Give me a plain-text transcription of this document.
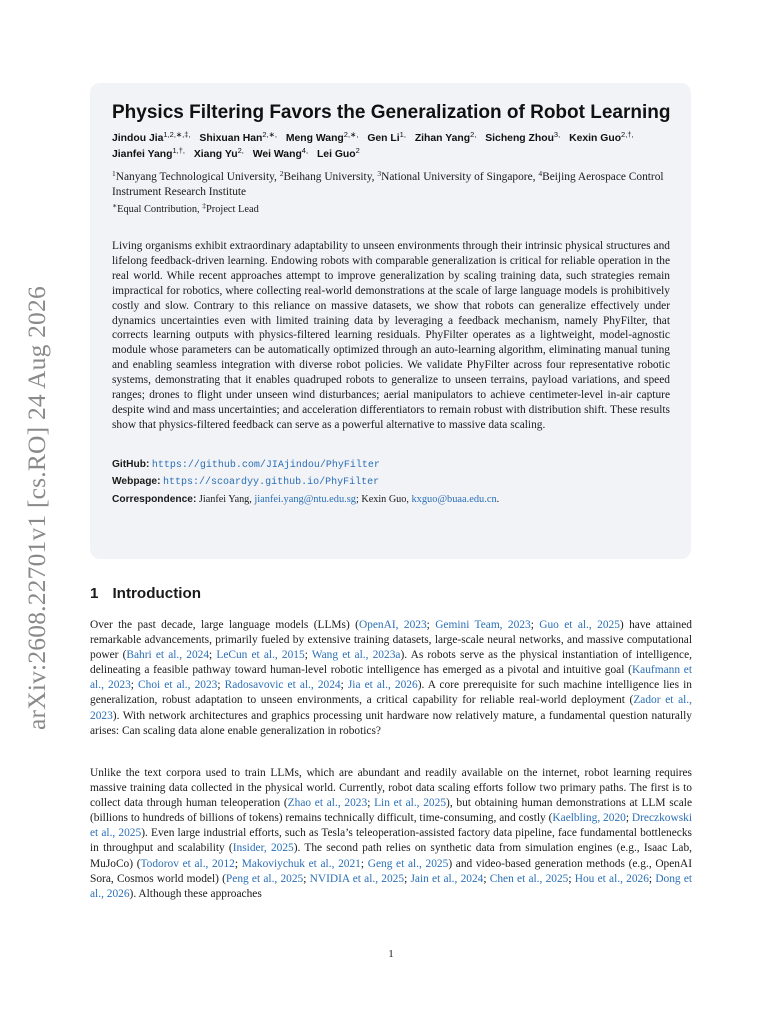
arXiv:2608.22701v1 [cs.RO] 24 Aug 2026
Physics Filtering Favors the Generalization of Robot Learning
Jindou Jia$^{1,2,∗,\ddagger,}$ Shixuan Han$^{2,∗,}$ Meng Wang$^{2,∗,}$ Gen $Li^{1,}$ Zihan Yang$^{2,}$ Sicheng Zhou$^{3,}$ Kexin Guo$^{2,\dagger,}$ Jianfei Yang$^{1,\dagger,}$ Xiang $Yu^{2,}$ Wei Wang$^{4,}$ Lei Guo$^2$
$^1$Nanyang Technological University, $^2$Beihang University, $^3$National University of Singapore, $^4$Beijing Aerospace Control Instrument Research Institute
∗Equal Contribution, ‡Project Lead
Living organisms exhibit extraordinary adaptability to unseen environments through their intrinsic physical structures and lifelong feedback-driven learning. Endowing robots with comparable generalization is critical for reliable operation in the real world. While recent approaches attempt to improve generalization by scaling training data, such strategies remain impractical for robotics, where collecting real-world demonstrations at the scale of large language models is prohibitively costly and slow. Contrary to this reliance on massive datasets, we show that robots can generalize effectively under dynamics uncertainties even with limited training data by leveraging a feedback mechanism, namely PhyFilter, that corrects learning outputs with physics-filtered learning residuals. PhyFilter operates as a lightweight, model-agnostic module whose parameters can be automatically optimized through an auto-learning algorithm, eliminating manual tuning and enabling seamless integration with diverse robot policies. We validate PhyFilter across four representative robotic systems, demonstrating that it enables quadruped robots to generalize to unseen terrains, payload variations, and speed ranges; drones to flight under unseen wind disturbances; aerial manipulators to achieve centimeter-level in-air capture despite wind and mass uncertainties; and acceleration differentiators to remain robust with distribution shift. These results show that physics-filtered feedback can serve as a powerful alternative to massive data scaling.
GitHub: https://github.com/JIAjindou/PhyFilter
Webpage: https://scoardyy.github.io/PhyFilter
Correspondence: Jianfei Yang, jianfei.yang@ntu.edu.sg; Kexin Guo, kxguo@buaa.edu.cn.
1 Introduction

Over the past decade, large language models (LLMs) (OpenAI, 2023; Gemini Team, 2023; Guo et al., 2025) have attained remarkable advancements, primarily fueled by extensive training datasets, large-scale neural networks, and massive computational power (Bahri et al., 2024; LeCun et al., 2015; Wang et al., 2023a). As robots serve as the physical instantiation of intelligence, delineating a feasible pathway toward human-level robotic intelligence has emerged as a pivotal and intuitive goal (Kaufmann et al., 2023; Choi et al., 2023; Radosavovic et al., 2024; Jia et al., 2026). A core prerequisite for such machine intelligence lies in generalization, robust adaptation to unseen environments, a critical capability for reliable real-world deployment (Zador et al., 2023). With network architectures and graphics processing unit hardware now relatively mature, a fundamental question naturally arises: Can scaling data alone enable generalization in robotics?

Unlike the text corpora used to train LLMs, which are abundant and readily available on the internet, robot learning requires massive training data collected in the physical world. Currently, robot data scaling efforts follow two primary paths. The first is to collect data through human teleoperation (Zhao et al., 2023; Lin et al., 2025), but obtaining human demonstrations at LLM scale (billions to hundreds of billions of tokens) remains technically difficult, time-consuming, and costly (Kaelbling, 2020; Dreczkowski et al., 2025). Even large industrial efforts, such as Tesla’s teleoperation-assisted factory data pipeline, face fundamental bottlenecks in throughput and scalability (Insider, 2025). The second path relies on synthetic data from simulation engines (e.g., Isaac Lab, MuJoCo) (Todorov et al., 2012; Makoviychuk et al., 2021; Geng et al., 2025) and video-based generation methods (e.g., OpenAI Sora, Cosmos world model) (Peng et al., 2025; NVIDIA et al., 2025; Jain et al., 2024; Chen et al., 2025; Hou et al., 2026; Dong et al., 2026). Although these approaches

1
